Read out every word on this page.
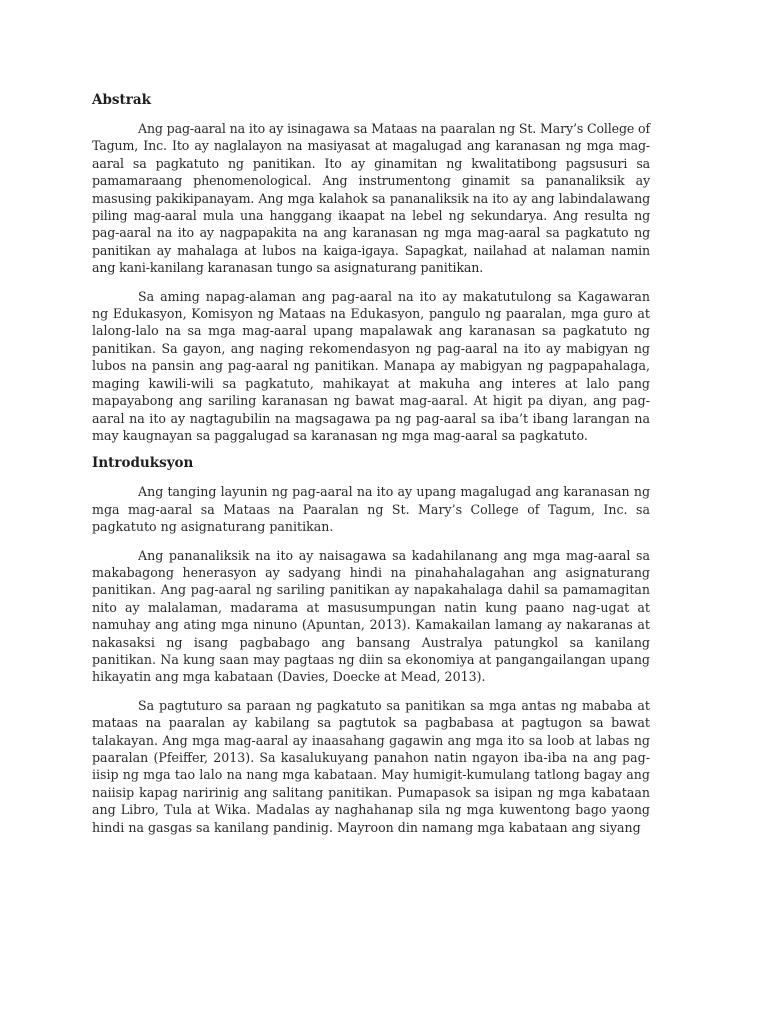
Abstrak

Ang pag-aaral na ito ay isinagawa sa Mataas na paaralan ng St. Mary’s College of Tagum, Inc. Ito ay naglalayon na masiyasat at magalugad ang karanasan ng mga mag-aaral sa pagkatuto ng panitikan. Ito ay ginamitan ng kwalitatibong pagsusuri sa pamamaraang phenomenological. Ang instrumentong ginamit sa pananaliksik ay masusing pakikipanayam. Ang mga kalahok sa pananaliksik na ito ay ang labindalawang piling mag-aaral mula una hanggang ikaapat na lebel ng sekundarya. Ang resulta ng pag-aaral na ito ay nagpapakita na ang karanasan ng mga mag-aaral sa pagkatuto ng panitikan ay mahalaga at lubos na kaiga-igaya. Sapagkat, nailahad at nalaman namin ang kani-kanilang karanasan tungo sa asignaturang panitikan.

Sa aming napag-alaman ang pag-aaral na ito ay makatutulong sa Kagawaran ng Edukasyon, Komisyon ng Mataas na Edukasyon, pangulo ng paaralan, mga guro at lalong-lalo na sa mga mag-aaral upang mapalawak ang karanasan sa pagkatuto ng panitikan. Sa gayon, ang naging rekomendasyon ng pag-aaral na ito ay mabigyan ng lubos na pansin ang pag-aaral ng panitikan. Manapa ay mabigyan ng pagpapahalaga, maging kawili-wili sa pagkatuto, mahikayat at makuha ang interes at lalo pang mapayabong ang sariling karanasan ng bawat mag-aaral. At higit pa diyan, ang pag-aaral na ito ay nagtagubilin na magsagawa pa ng pag-aaral sa iba’t ibang larangan na may kaugnayan sa paggalugad sa karanasan ng mga mag-aaral sa pagkatuto.

Introduksyon

Ang tanging layunin ng pag-aaral na ito ay upang magalugad ang karanasan ng mga mag-aaral sa Mataas na Paaralan ng St. Mary’s College of Tagum, Inc. sa pagkatuto ng asignaturang panitikan.

Ang pananaliksik na ito ay naisagawa sa kadahilanang ang mga mag-aaral sa makabagong henerasyon ay sadyang hindi na pinahahalagahan ang asignaturang panitikan. Ang pag-aaral ng sariling panitikan ay napakahalaga dahil sa pamamagitan nito ay malalaman, madarama at masusumpungan natin kung paano nag-ugat at namuhay ang ating mga ninuno (Apuntan, 2013). Kamakailan lamang ay nakaranas at nakasaksi ng isang pagbabago ang bansang Australya patungkol sa kanilang panitikan. Na kung saan may pagtaas ng diin sa ekonomiya at pangangailangan upang hikayatin ang mga kabataan (Davies, Doecke at Mead, 2013).

Sa pagtuturo sa paraan ng pagkatuto sa panitikan sa mga antas ng mababa at mataas na paaralan ay kabilang sa pagtutok sa pagbabasa at pagtugon sa bawat talakayan. Ang mga mag-aaral ay inaasahang gagawin ang mga ito sa loob at labas ng paaralan (Pfeiffer, 2013). Sa kasalukuyang panahon natin ngayon iba-iba na ang pag-iisip ng mga tao lalo na nang mga kabataan. May humigit-kumulang tatlong bagay ang naiisip kapag naririnig ang salitang panitikan. Pumapasok sa isipan ng mga kabataan ang Libro, Tula at Wika. Madalas ay naghahanap sila ng mga kuwentong bago yaong hindi na gasgas sa kanilang pandinig. Mayroon din namang mga kabataan ang siyang
